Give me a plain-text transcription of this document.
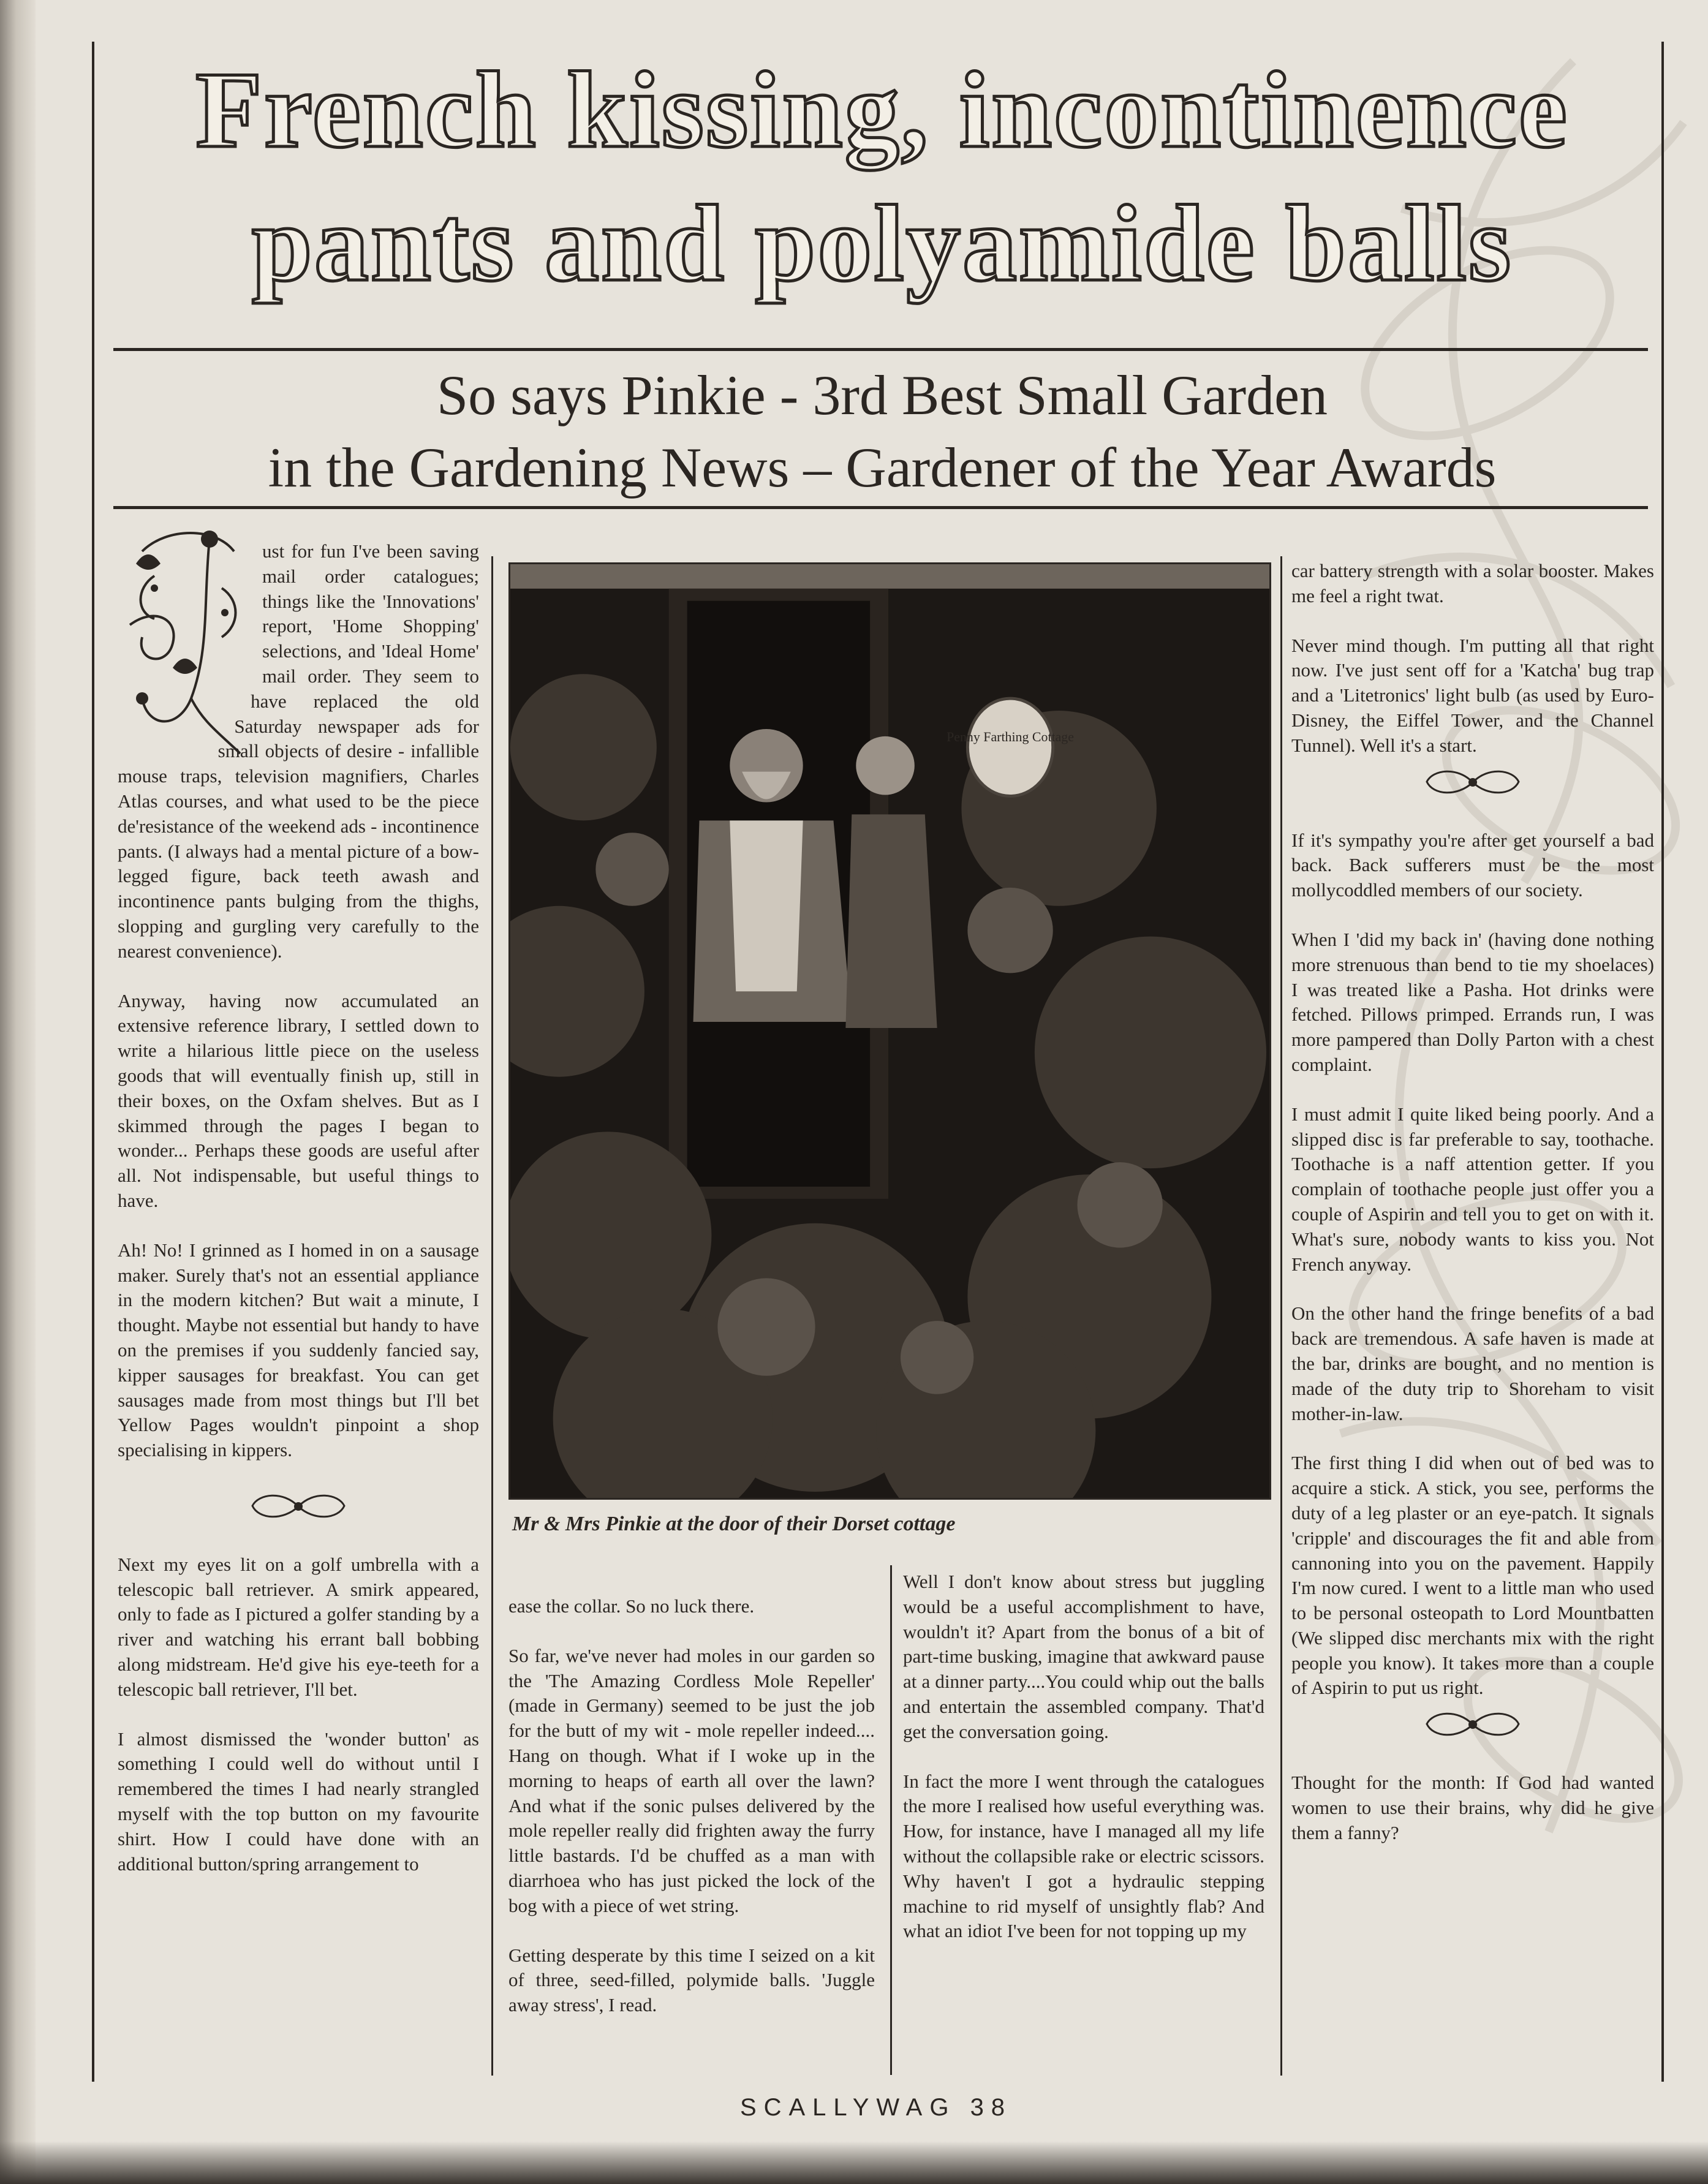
French kissing, incontinence
pants and polyamide balls
So says Pinkie - 3rd Best Small Garden
in the Gardening News – Gardener of the Year Awards

ust for fun I've been saving mail order catalogues; things like the 'Innovations' report, 'Home Shopping' selections, and 'Ideal Home' mail order. They seem to have replaced the old Saturday newspaper ads for small objects of desire - infallible mouse traps, television magnifiers, Charles Atlas courses, and what used to be the piece de'resistance of the weekend ads - incontinence pants. (I always had a mental picture of a bow-legged figure, back teeth awash and incontinence pants bulging from the thighs, slopping and gurgling very carefully to the nearest convenience).

Anyway, having now accumulated an extensive reference library, I settled down to write a hilarious little piece on the useless goods that will eventually finish up, still in their boxes, on the Oxfam shelves. But as I skimmed through the pages I began to wonder... Perhaps these goods are useful after all. Not indispensable, but useful things to have.

Ah! No! I grinned as I homed in on a sausage maker. Surely that's not an essential appliance in the modern kitchen? But wait a minute, I thought. Maybe not essential but handy to have on the premises if you suddenly fancied say, kipper sausages for breakfast. You can get sausages made from most things but I'll bet Yellow Pages wouldn't pinpoint a shop specialising in kippers.

Next my eyes lit on a golf umbrella with a telescopic ball retriever. A smirk appeared, only to fade as I pictured a golfer standing by a river and watching his errant ball bobbing along midstream. He'd give his eye-teeth for a telescopic ball retriever, I'll bet.

I almost dismissed the 'wonder button' as something I could well do without until I remembered the times I had nearly strangled myself with the top button on my favourite shirt. How I could have done with an additional button/spring arrangement to

Penny Farthing Cottage
Mr & Mrs Pinkie at the door of their Dorset cottage

ease the collar. So no luck there.

So far, we've never had moles in our garden so the 'The Amazing Cordless Mole Repeller' (made in Germany) seemed to be just the job for the butt of my wit - mole repeller indeed.... Hang on though. What if I woke up in the morning to heaps of earth all over the lawn? And what if the sonic pulses delivered by the mole repeller really did frighten away the furry little bastards. I'd be chuffed as a man with diarrhoea who has just picked the lock of the bog with a piece of wet string.

Getting desperate by this time I seized on a kit of three, seed-filled, polymide balls. 'Juggle away stress', I read.

Well I don't know about stress but juggling would be a useful accomplishment to have, wouldn't it? Apart from the bonus of a bit of part-time busking, imagine that awkward pause at a dinner party....You could whip out the balls and entertain the assembled company. That'd get the conversation going.

In fact the more I went through the catalogues the more I realised how useful everything was. How, for instance, have I managed all my life without the collapsible rake or electric scissors. Why haven't I got a hydraulic stepping machine to rid myself of unsightly flab? And what an idiot I've been for not topping up my

car battery strength with a solar booster. Makes me feel a right twat.

Never mind though. I'm putting all that right now. I've just sent off for a 'Katcha' bug trap and a 'Litetronics' light bulb (as used by Euro-Disney, the Eiffel Tower, and the Channel Tunnel). Well it's a start.

If it's sympathy you're after get yourself a bad back. Back sufferers must be the most mollycoddled members of our society.

When I 'did my back in' (having done nothing more strenuous than bend to tie my shoelaces) I was treated like a Pasha. Hot drinks were fetched. Pillows primped. Errands run, I was more pampered than Dolly Parton with a chest complaint.

I must admit I quite liked being poorly. And a slipped disc is far preferable to say, toothache. Toothache is a naff attention getter. If you complain of toothache people just offer you a couple of Aspirin and tell you to get on with it. What's sure, nobody wants to kiss you. Not French anyway.

On the other hand the fringe benefits of a bad back are tremendous. A safe haven is made at the bar, drinks are bought, and no mention is made of the duty trip to Shoreham to visit mother-in-law.

The first thing I did when out of bed was to acquire a stick. A stick, you see, performs the duty of a leg plaster or an eye-patch. It signals 'cripple' and discourages the fit and able from cannoning into you on the pavement. Happily I'm now cured. I went to a little man who used to be personal osteopath to Lord Mountbatten (We slipped disc merchants mix with the right people you know). It takes more than a couple of Aspirin to put us right.

Thought for the month: If God had wanted women to use their brains, why did he give them a fanny?

SCALLYWAG 38
